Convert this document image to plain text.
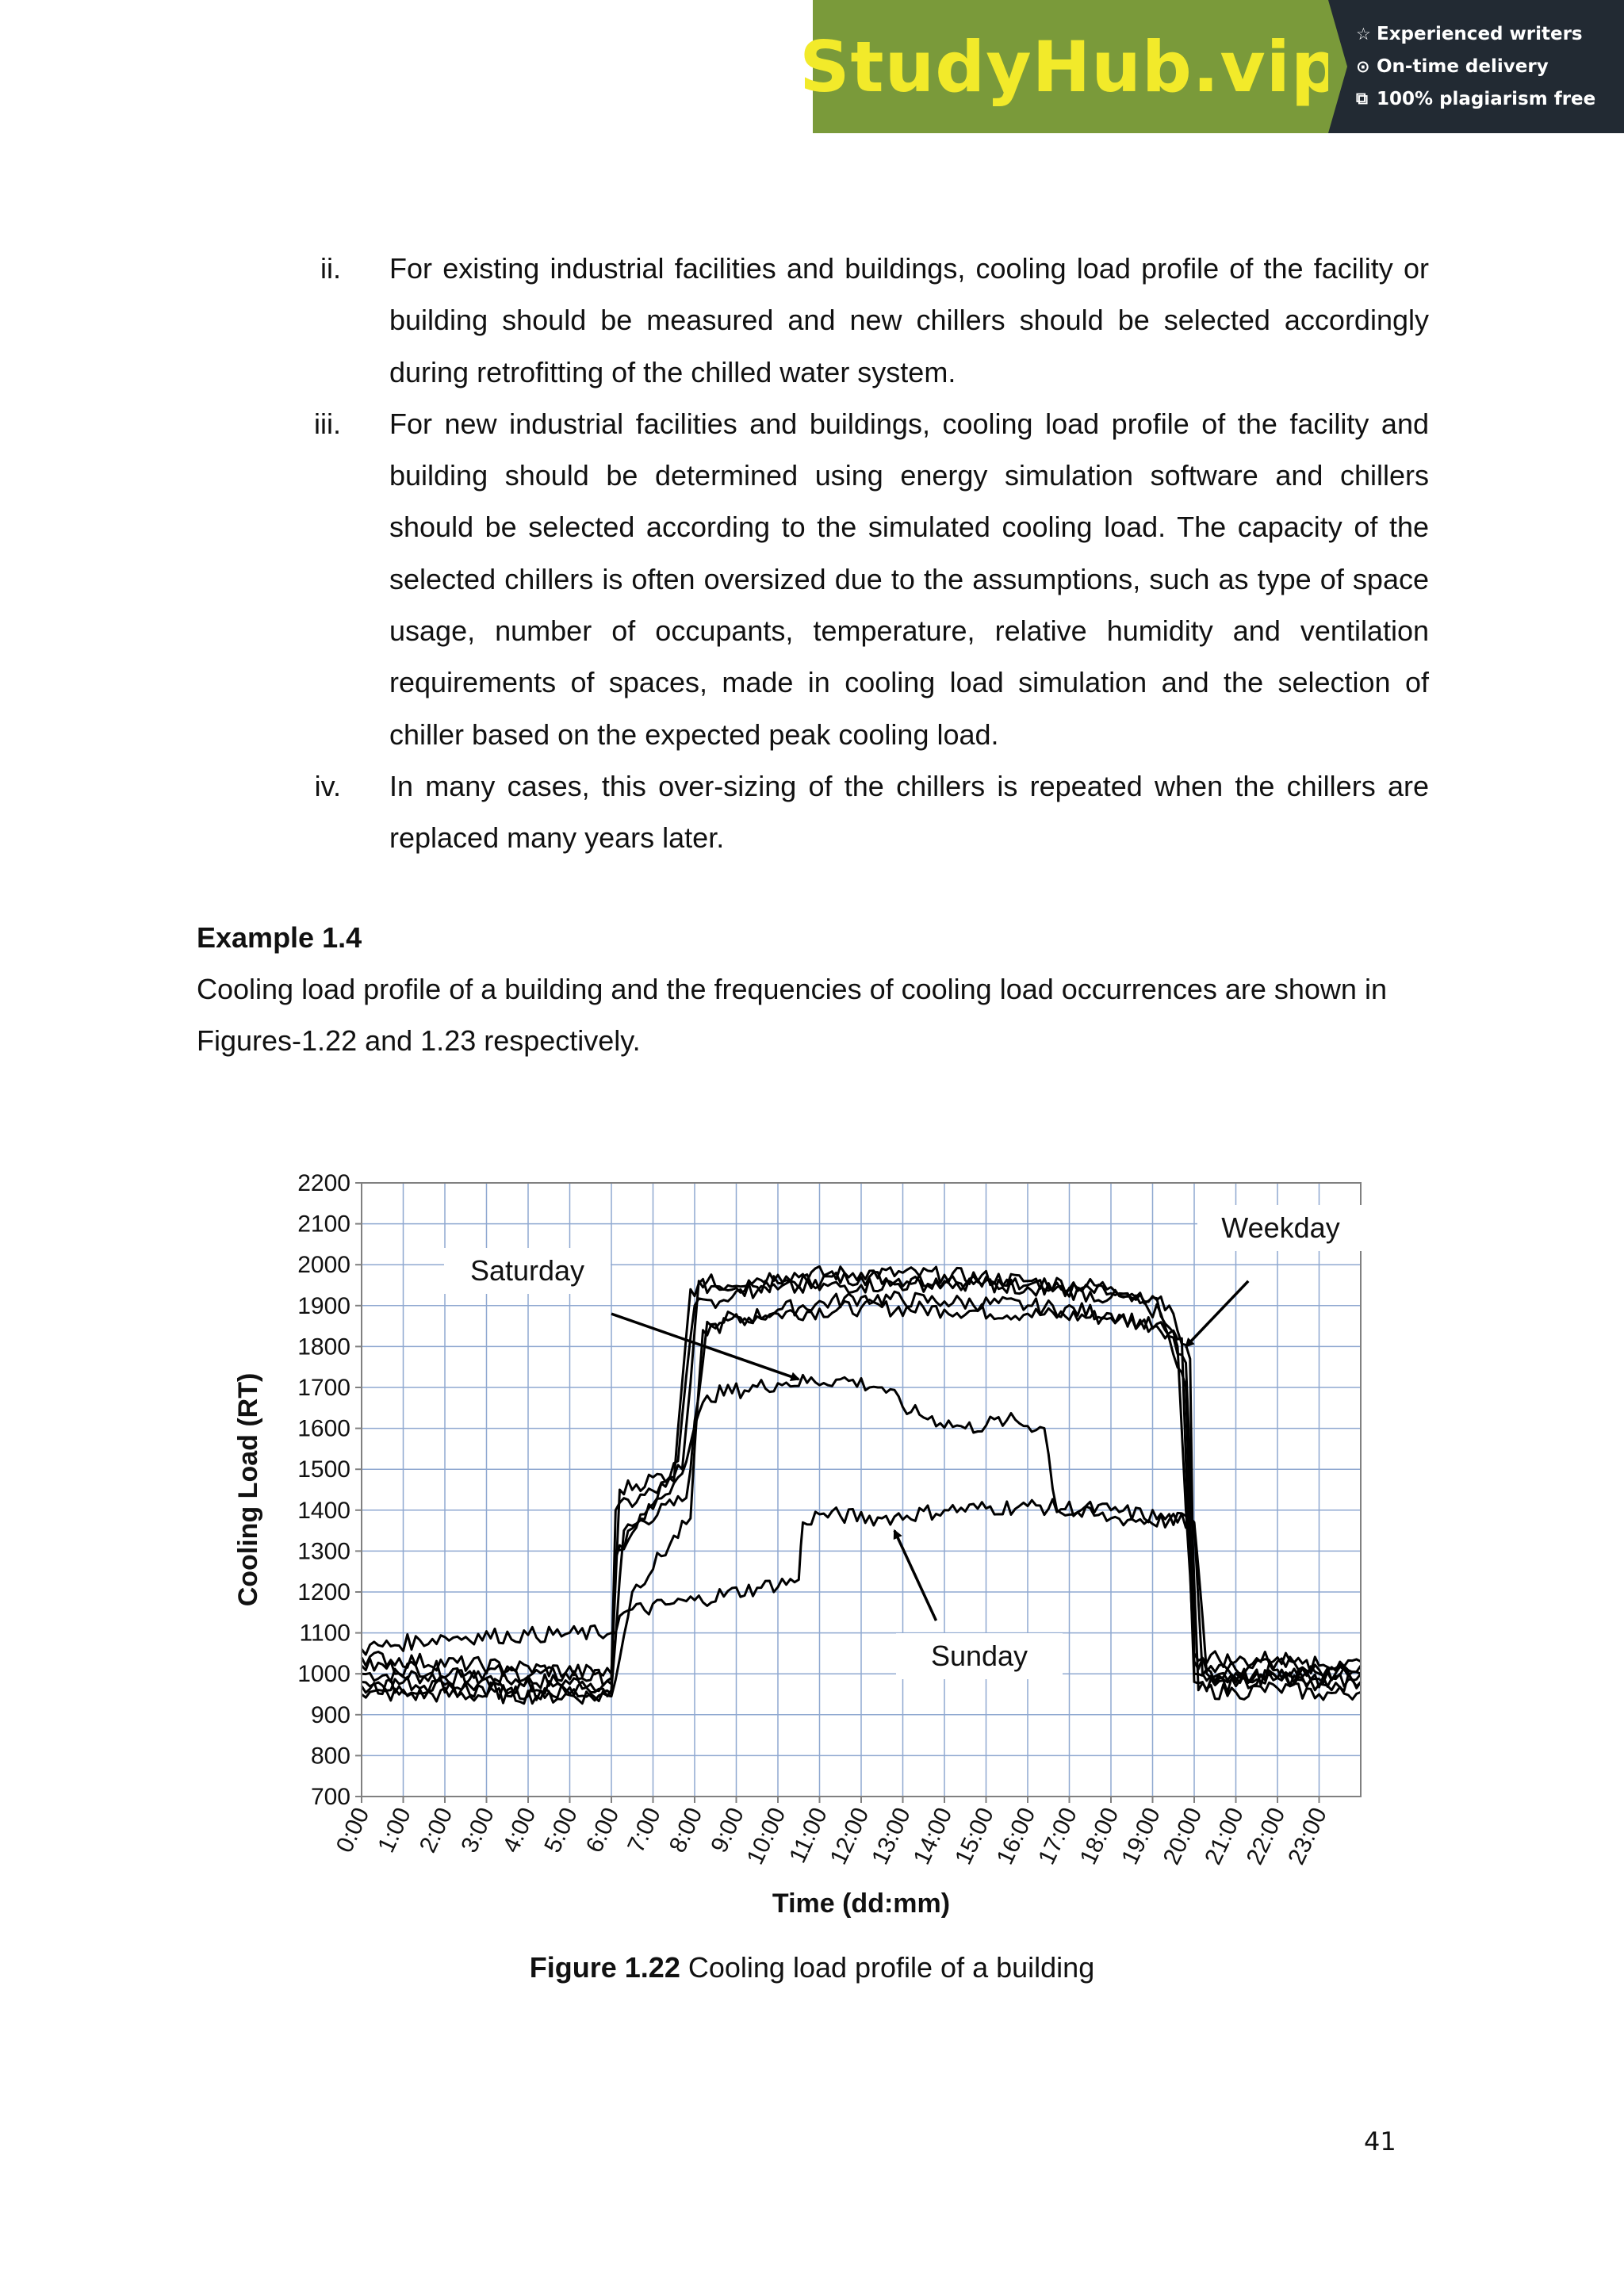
StudyHub.vip ☆ Experienced writers
⊙ On-time delivery
⧉ 100% plagiarism free
ii. For existing industrial facilities and buildings, cooling load profile of the facility or building should be measured and new chillers should be selected accordingly during retrofitting of the chilled water system.
iii. For new industrial facilities and buildings, cooling load profile of the facility and building should be determined using energy simulation software and chillers should be selected according to the simulated cooling load. The capacity of the selected chillers is often oversized due to the assumptions, such as type of space usage, number of occupants, temperature, relative humidity and ventilation requirements of spaces, made in cooling load simulation and the selection of chiller based on the expected peak cooling load.
iv. In many cases, this over-sizing of the chillers is repeated when the chillers are replaced many years later.
Example 1.4
Cooling load profile of a building and the frequencies of cooling load occurrences are shown in Figures-1.22 and 1.23 respectively.
700
800
900
1000
1100
1200
1300
1400
1500
1600
1700
1800
1900
2000
2100
2200
0:00
1:00
2:00
3:00
4:00
5:00
6:00
7:00
8:00
9:00
10:00
11:00
12:00
13:00
14:00
15:00
16:00
17:00
18:00
19:00
20:00
21:00
22:00
23:00
Weekday
Saturday
Sunday
Cooling Load (RT)
Time (dd:mm)
Figure 1.22 Cooling load profile of a building
41
